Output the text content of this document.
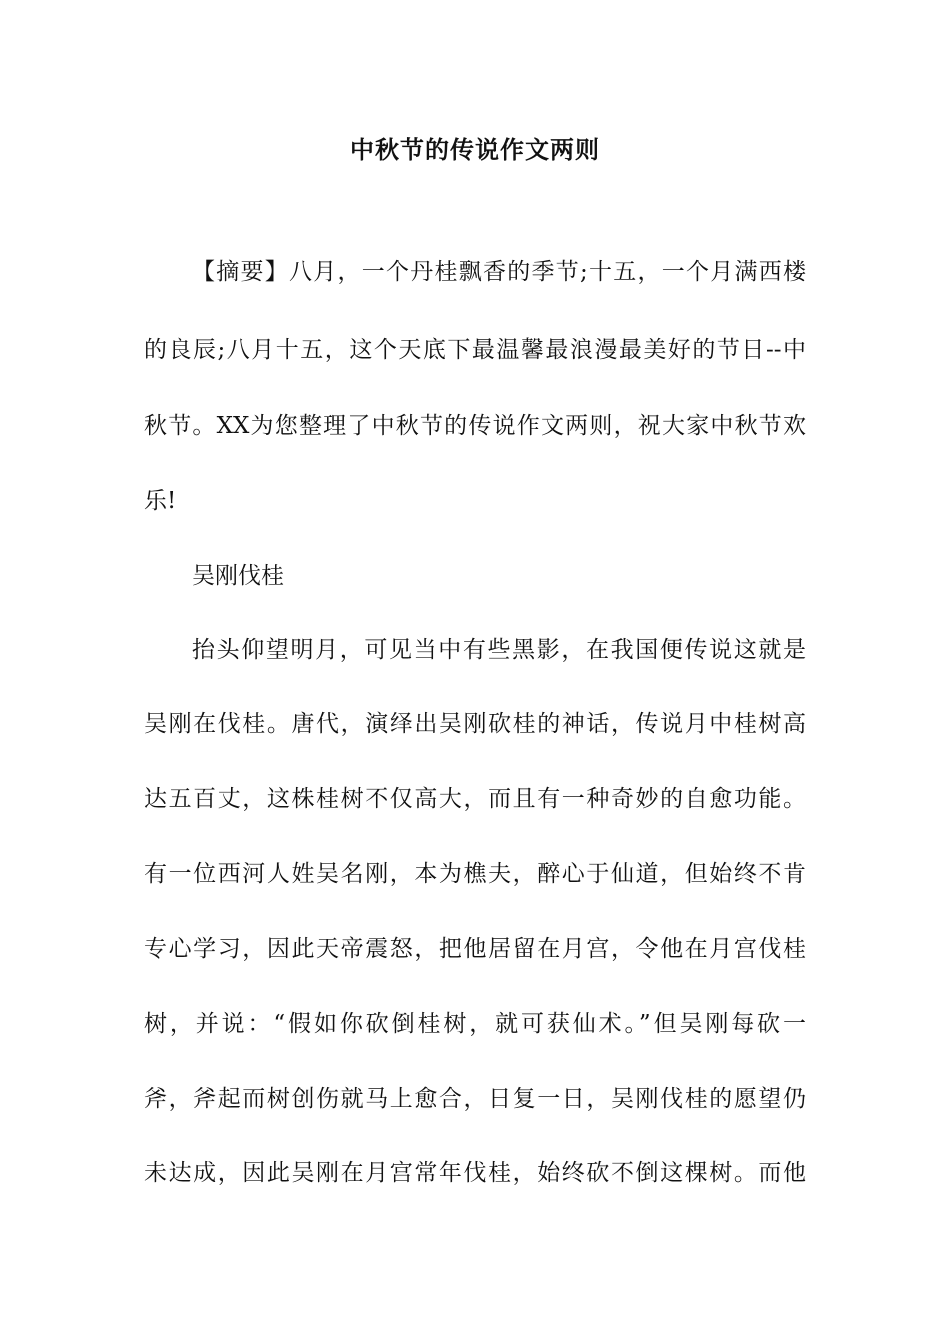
中秋节的传说作文两则
【摘要】八月，一个丹桂飘香的季节;十五，一个月满西楼
的良辰;八月十五，这个天底下最温馨最浪漫最美好的节日--中
秋节。XX为您整理了中秋节的传说作文两则，祝大家中秋节欢
乐!
吴刚伐桂
抬头仰望明月，可见当中有些黑影，在我国便传说这就是
吴刚在伐桂。唐代，演绎出吴刚砍桂的神话，传说月中桂树高
达五百丈，这株桂树不仅高大，而且有一种奇妙的自愈功能。
有一位西河人姓吴名刚，本为樵夫，醉心于仙道，但始终不肯
专心学习，因此天帝震怒，把他居留在月宫，令他在月宫伐桂
树，并说：“假如你砍倒桂树，就可获仙术。”但吴刚每砍一
斧，斧起而树创伤就马上愈合，日复一日，吴刚伐桂的愿望仍
未达成，因此吴刚在月宫常年伐桂，始终砍不倒这棵树。而他
